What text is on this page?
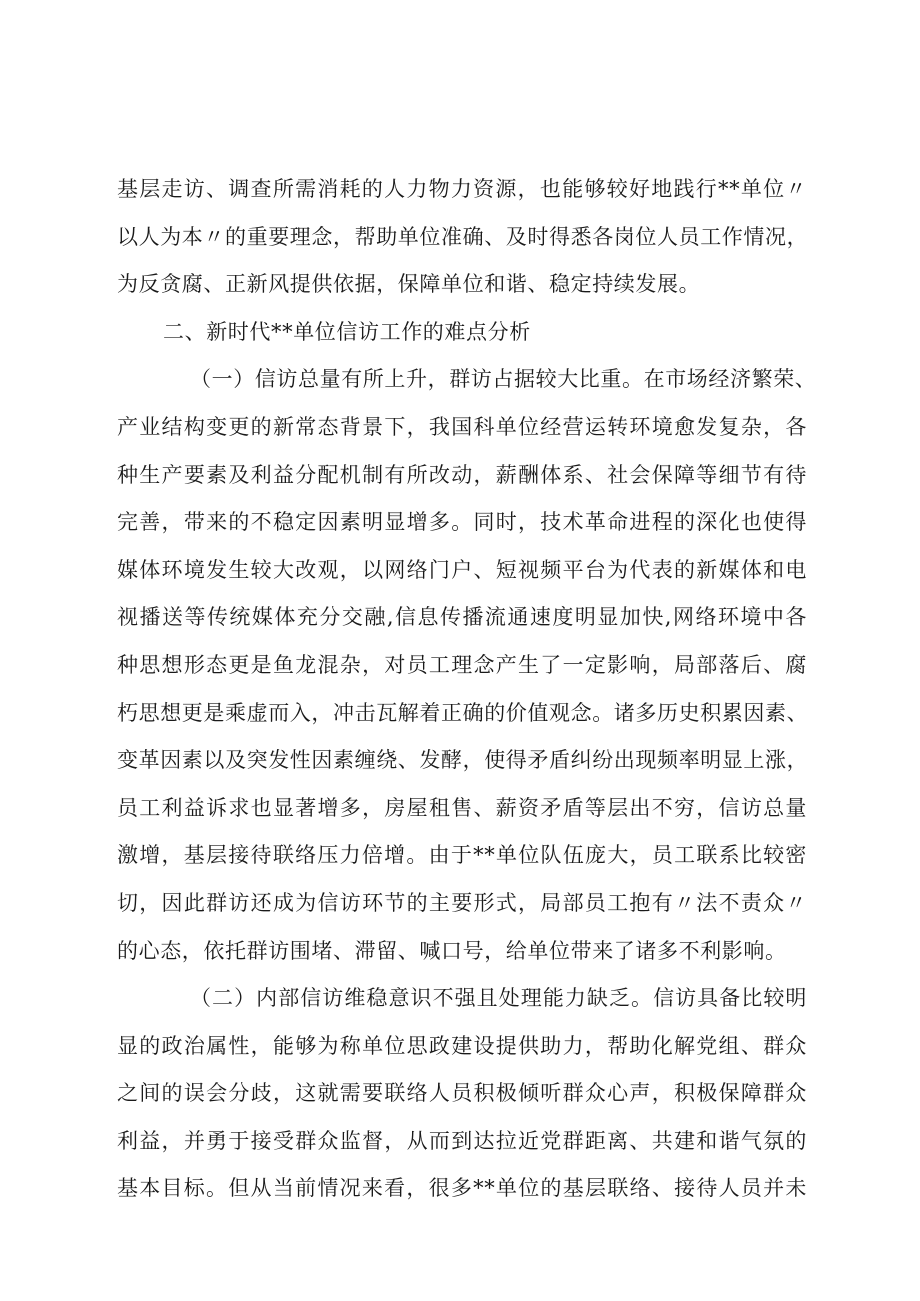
基层走访、调查所需消耗的人力物力资源，也能够较好地践行**单位〃
以人为本〃的重要理念，帮助单位准确、及时得悉各岗位人员工作情况，
为反贪腐、正新风提供依据，保障单位和谐、稳定持续发展。
二、新时代**单位信访工作的难点分析
（一）信访总量有所上升，群访占据较大比重。在市场经济繁荣、
产业结构变更的新常态背景下，我国科单位经营运转环境愈发复杂，各
种生产要素及利益分配机制有所改动，薪酬体系、社会保障等细节有待
完善，带来的不稳定因素明显增多。同时，技术革命进程的深化也使得
媒体环境发生较大改观，以网络门户、短视频平台为代表的新媒体和电
视播送等传统媒体充分交融,信息传播流通速度明显加快,网络环境中各
种思想形态更是鱼龙混杂，对员工理念产生了一定影响，局部落后、腐
朽思想更是乘虚而入，冲击瓦解着正确的价值观念。诸多历史积累因素、
变革因素以及突发性因素缠绕、发酵，使得矛盾纠纷出现频率明显上涨，
员工利益诉求也显著增多，房屋租售、薪资矛盾等层出不穷，信访总量
激增，基层接待联络压力倍增。由于**单位队伍庞大，员工联系比较密
切，因此群访还成为信访环节的主要形式，局部员工抱有〃法不责众〃
的心态，依托群访围堵、滞留、喊口号，给单位带来了诸多不利影响。
（二）内部信访维稳意识不强且处理能力缺乏。信访具备比较明
显的政治属性，能够为称单位思政建设提供助力，帮助化解党组、群众
之间的误会分歧，这就需要联络人员积极倾听群众心声，积极保障群众
利益，并勇于接受群众监督，从而到达拉近党群距离、共建和谐气氛的
基本目标。但从当前情况来看，很多**单位的基层联络、接待人员并未
